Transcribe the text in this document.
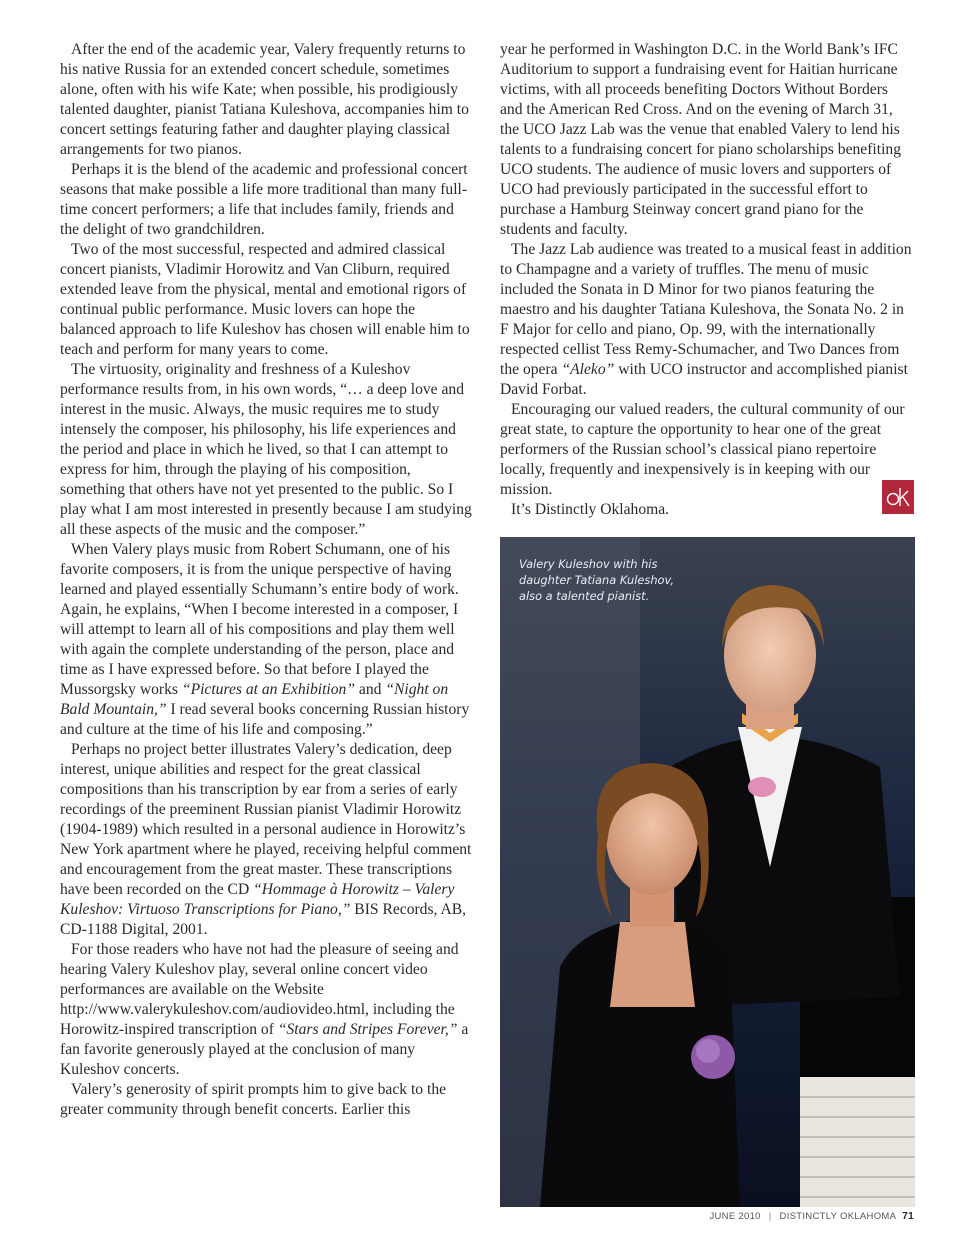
After the end of the academic year, Valery frequently returns to his native Russia for an extended concert schedule, sometimes alone, often with his wife Kate; when possible, his prodigiously talented daughter, pianist Tatiana Kuleshova, accompanies him to concert settings featuring father and daughter playing classical arrangements for two pianos.

Perhaps it is the blend of the academic and professional concert seasons that make possible a life more traditional than many full-time concert performers; a life that includes family, friends and the delight of two grandchildren.

Two of the most successful, respected and admired classical concert pianists, Vladimir Horowitz and Van Cliburn, required extended leave from the physical, mental and emotional rigors of continual public performance. Music lovers can hope the balanced approach to life Kuleshov has chosen will enable him to teach and perform for many years to come.

The virtuosity, originality and freshness of a Kuleshov performance results from, in his own words, “… a deep love and interest in the music. Always, the music requires me to study intensely the composer, his philosophy, his life experiences and the period and place in which he lived, so that I can attempt to express for him, through the playing of his composition, something that others have not yet presented to the public. So I play what I am most interested in presently because I am studying all these aspects of the music and the composer.”

When Valery plays music from Robert Schumann, one of his favorite composers, it is from the unique perspective of having learned and played essentially Schumann’s entire body of work. Again, he explains, “When I become interested in a composer, I will attempt to learn all of his compositions and play them well with again the complete understanding of the person, place and time as I have expressed before. So that before I played the Mussorgsky works “Pictures at an Exhibition” and “Night on Bald Mountain,” I read several books concerning Russian history and culture at the time of his life and composing.”

Perhaps no project better illustrates Valery’s dedication, deep interest, unique abilities and respect for the great classical compositions than his transcription by ear from a series of early recordings of the preeminent Russian pianist Vladimir Horowitz (1904-1989) which resulted in a personal audience in Horowitz’s New York apartment where he played, receiving helpful comment and encouragement from the great master. These transcriptions have been recorded on the CD “Hommage à Horowitz – Valery Kuleshov: Virtuoso Transcriptions for Piano,” BIS Records, AB, CD-1188 Digital, 2001.

For those readers who have not had the pleasure of seeing and hearing Valery Kuleshov play, several online concert video performances are available on the Website http://www.valerykuleshov.com/audiovideo.html, including the Horowitz-inspired transcription of “Stars and Stripes Forever,” a fan favorite generously played at the conclusion of many Kuleshov concerts.

Valery’s generosity of spirit prompts him to give back to the greater community through benefit concerts. Earlier this

year he performed in Washington D.C. in the World Bank’s IFC Auditorium to support a fundraising event for Haitian hurricane victims, with all proceeds benefiting Doctors Without Borders and the American Red Cross. And on the evening of March 31, the UCO Jazz Lab was the venue that enabled Valery to lend his talents to a fundraising concert for piano scholarships benefiting UCO students. The audience of music lovers and supporters of UCO had previously participated in the successful effort to purchase a Hamburg Steinway concert grand piano for the students and faculty.

The Jazz Lab audience was treated to a musical feast in addition to Champagne and a variety of truffles. The menu of music included the Sonata in D Minor for two pianos featuring the maestro and his daughter Tatiana Kuleshova, the Sonata No. 2 in F Major for cello and piano, Op. 99, with the internationally respected cellist Tess Remy-Schumacher, and Two Dances from the opera “Aleko” with UCO instructor and accomplished pianist David Forbat.

Encouraging our valued readers, the cultural community of our great state, to capture the opportunity to hear one of the great performers of the Russian school’s classical piano repertoire locally, frequently and inexpensively is in keeping with our mission.

It’s Distinctly Oklahoma.

Valery Kuleshov with his daughter Tatiana Kuleshov, also a talented pianist.
JUNE 2010 | DISTINCTLY OKLAHOMA 71
